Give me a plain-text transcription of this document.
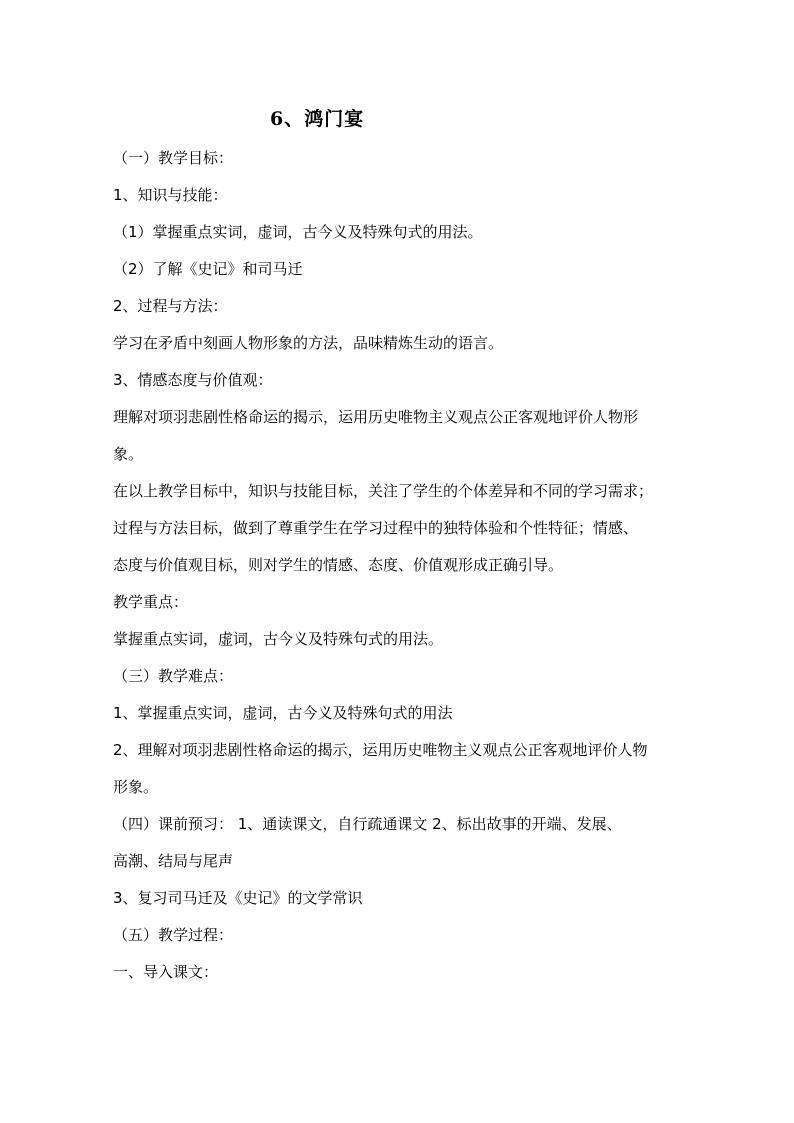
6、鸿门宴
（一）教学目标：
1、知识与技能：
（1）掌握重点实词，虚词，古今义及特殊句式的用法。
（2）了解《史记》和司马迁
2、过程与方法：
学习在矛盾中刻画人物形象的方法，品味精炼生动的语言。
3、情感态度与价值观：
理解对项羽悲剧性格命运的揭示，运用历史唯物主义观点公正客观地评价人物形
象。
在以上教学目标中，知识与技能目标，关注了学生的个体差异和不同的学习需求；
过程与方法目标，做到了尊重学生在学习过程中的独特体验和个性特征；情感、
态度与价值观目标，则对学生的情感、态度、价值观形成正确引导。
教学重点：
掌握重点实词，虚词，古今义及特殊句式的用法。
（三）教学难点：
1、掌握重点实词，虚词，古今义及特殊句式的用法
2、理解对项羽悲剧性格命运的揭示，运用历史唯物主义观点公正客观地评价人物
形象。
（四）课前预习： 1、通读课文，自行疏通课文 2、标出故事的开端、发展、
高潮、结局与尾声
3、复习司马迁及《史记》的文学常识
（五）教学过程：
一、导入课文：
